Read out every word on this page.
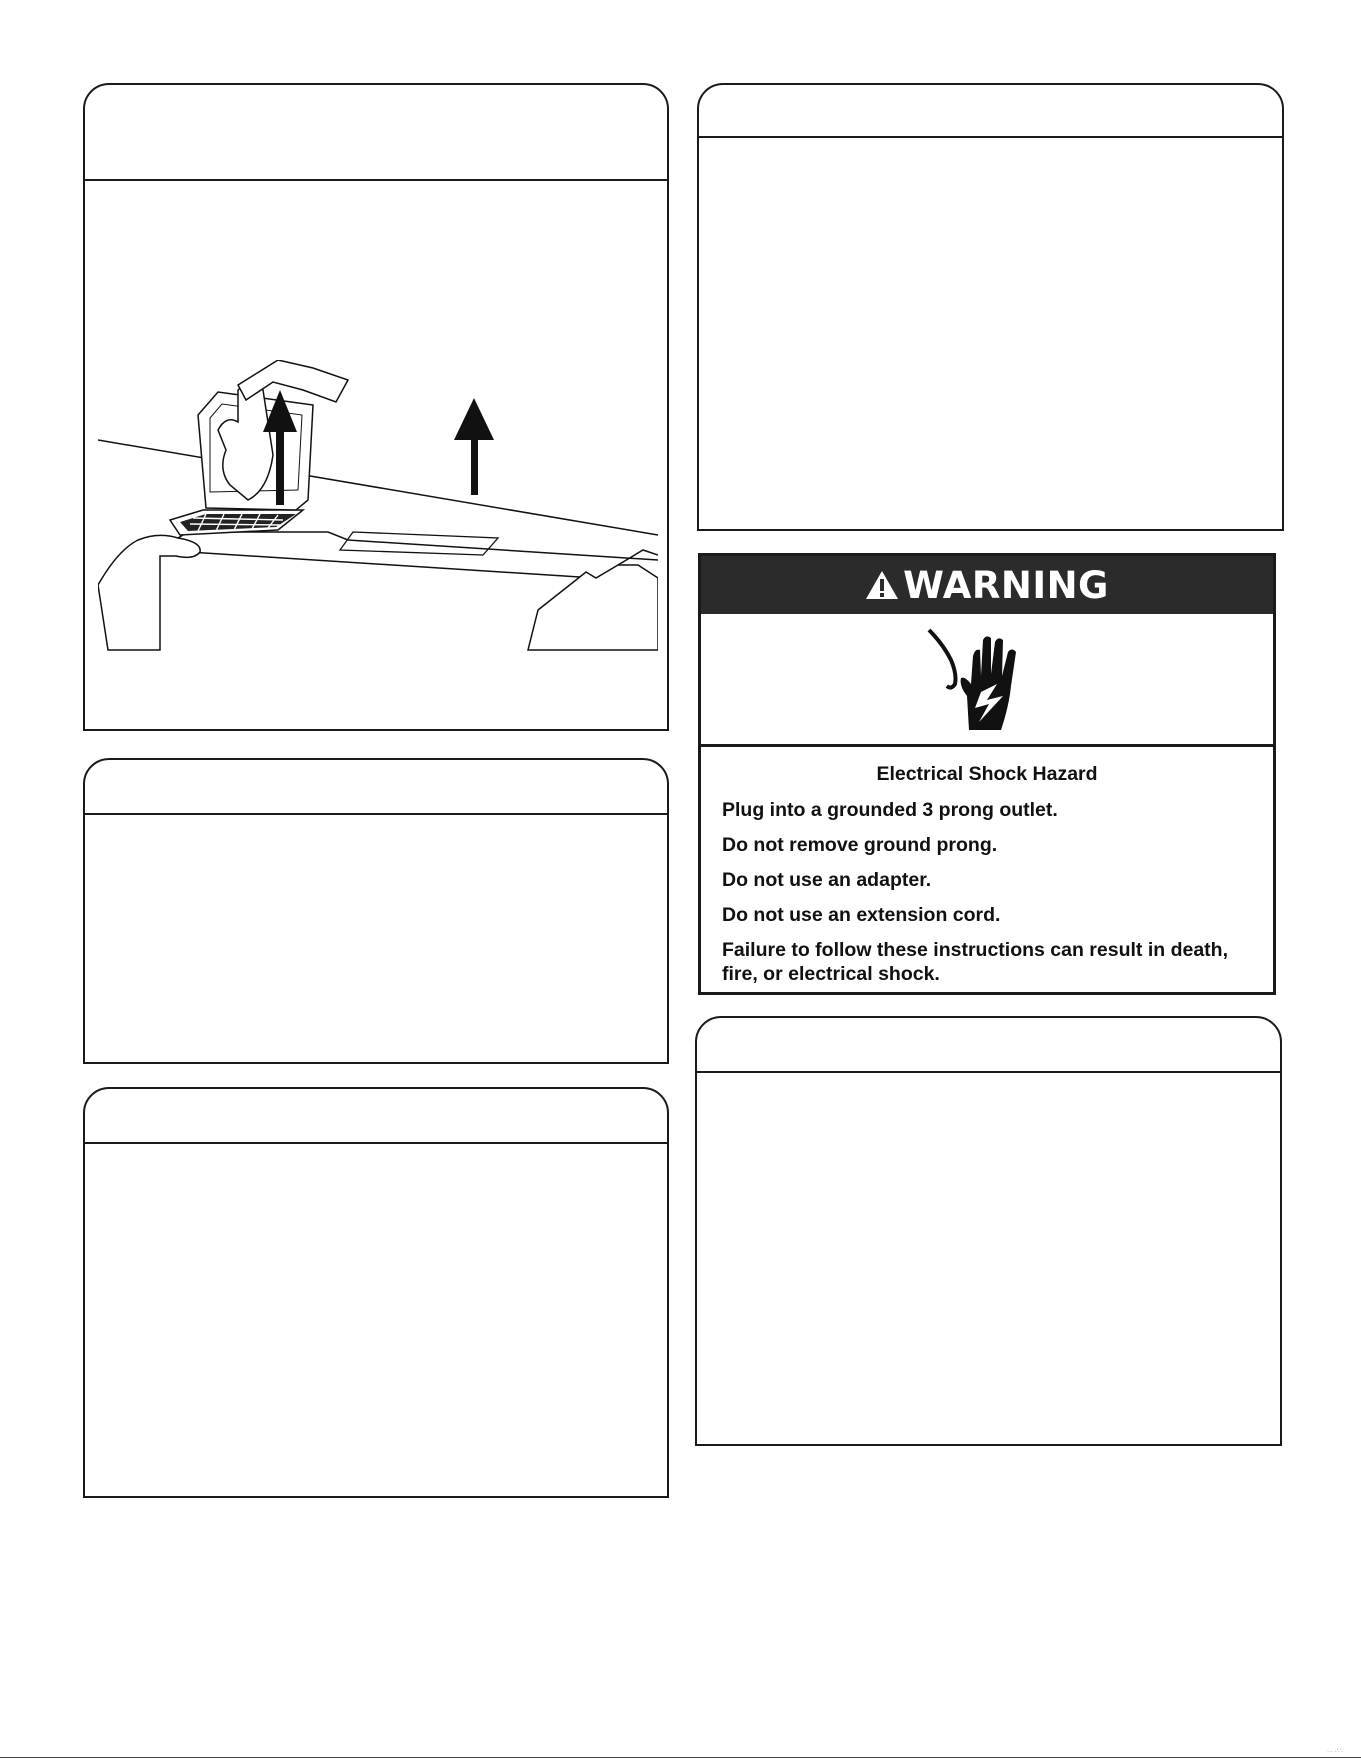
WARNING
Electrical Shock Hazard
Plug into a grounded 3 prong outlet.
Do not remove ground prong.
Do not use an adapter.
Do not use an extension cord.
Failure to follow these instructions can result in death, fire, or electrical shock.
··· ·'·'·
